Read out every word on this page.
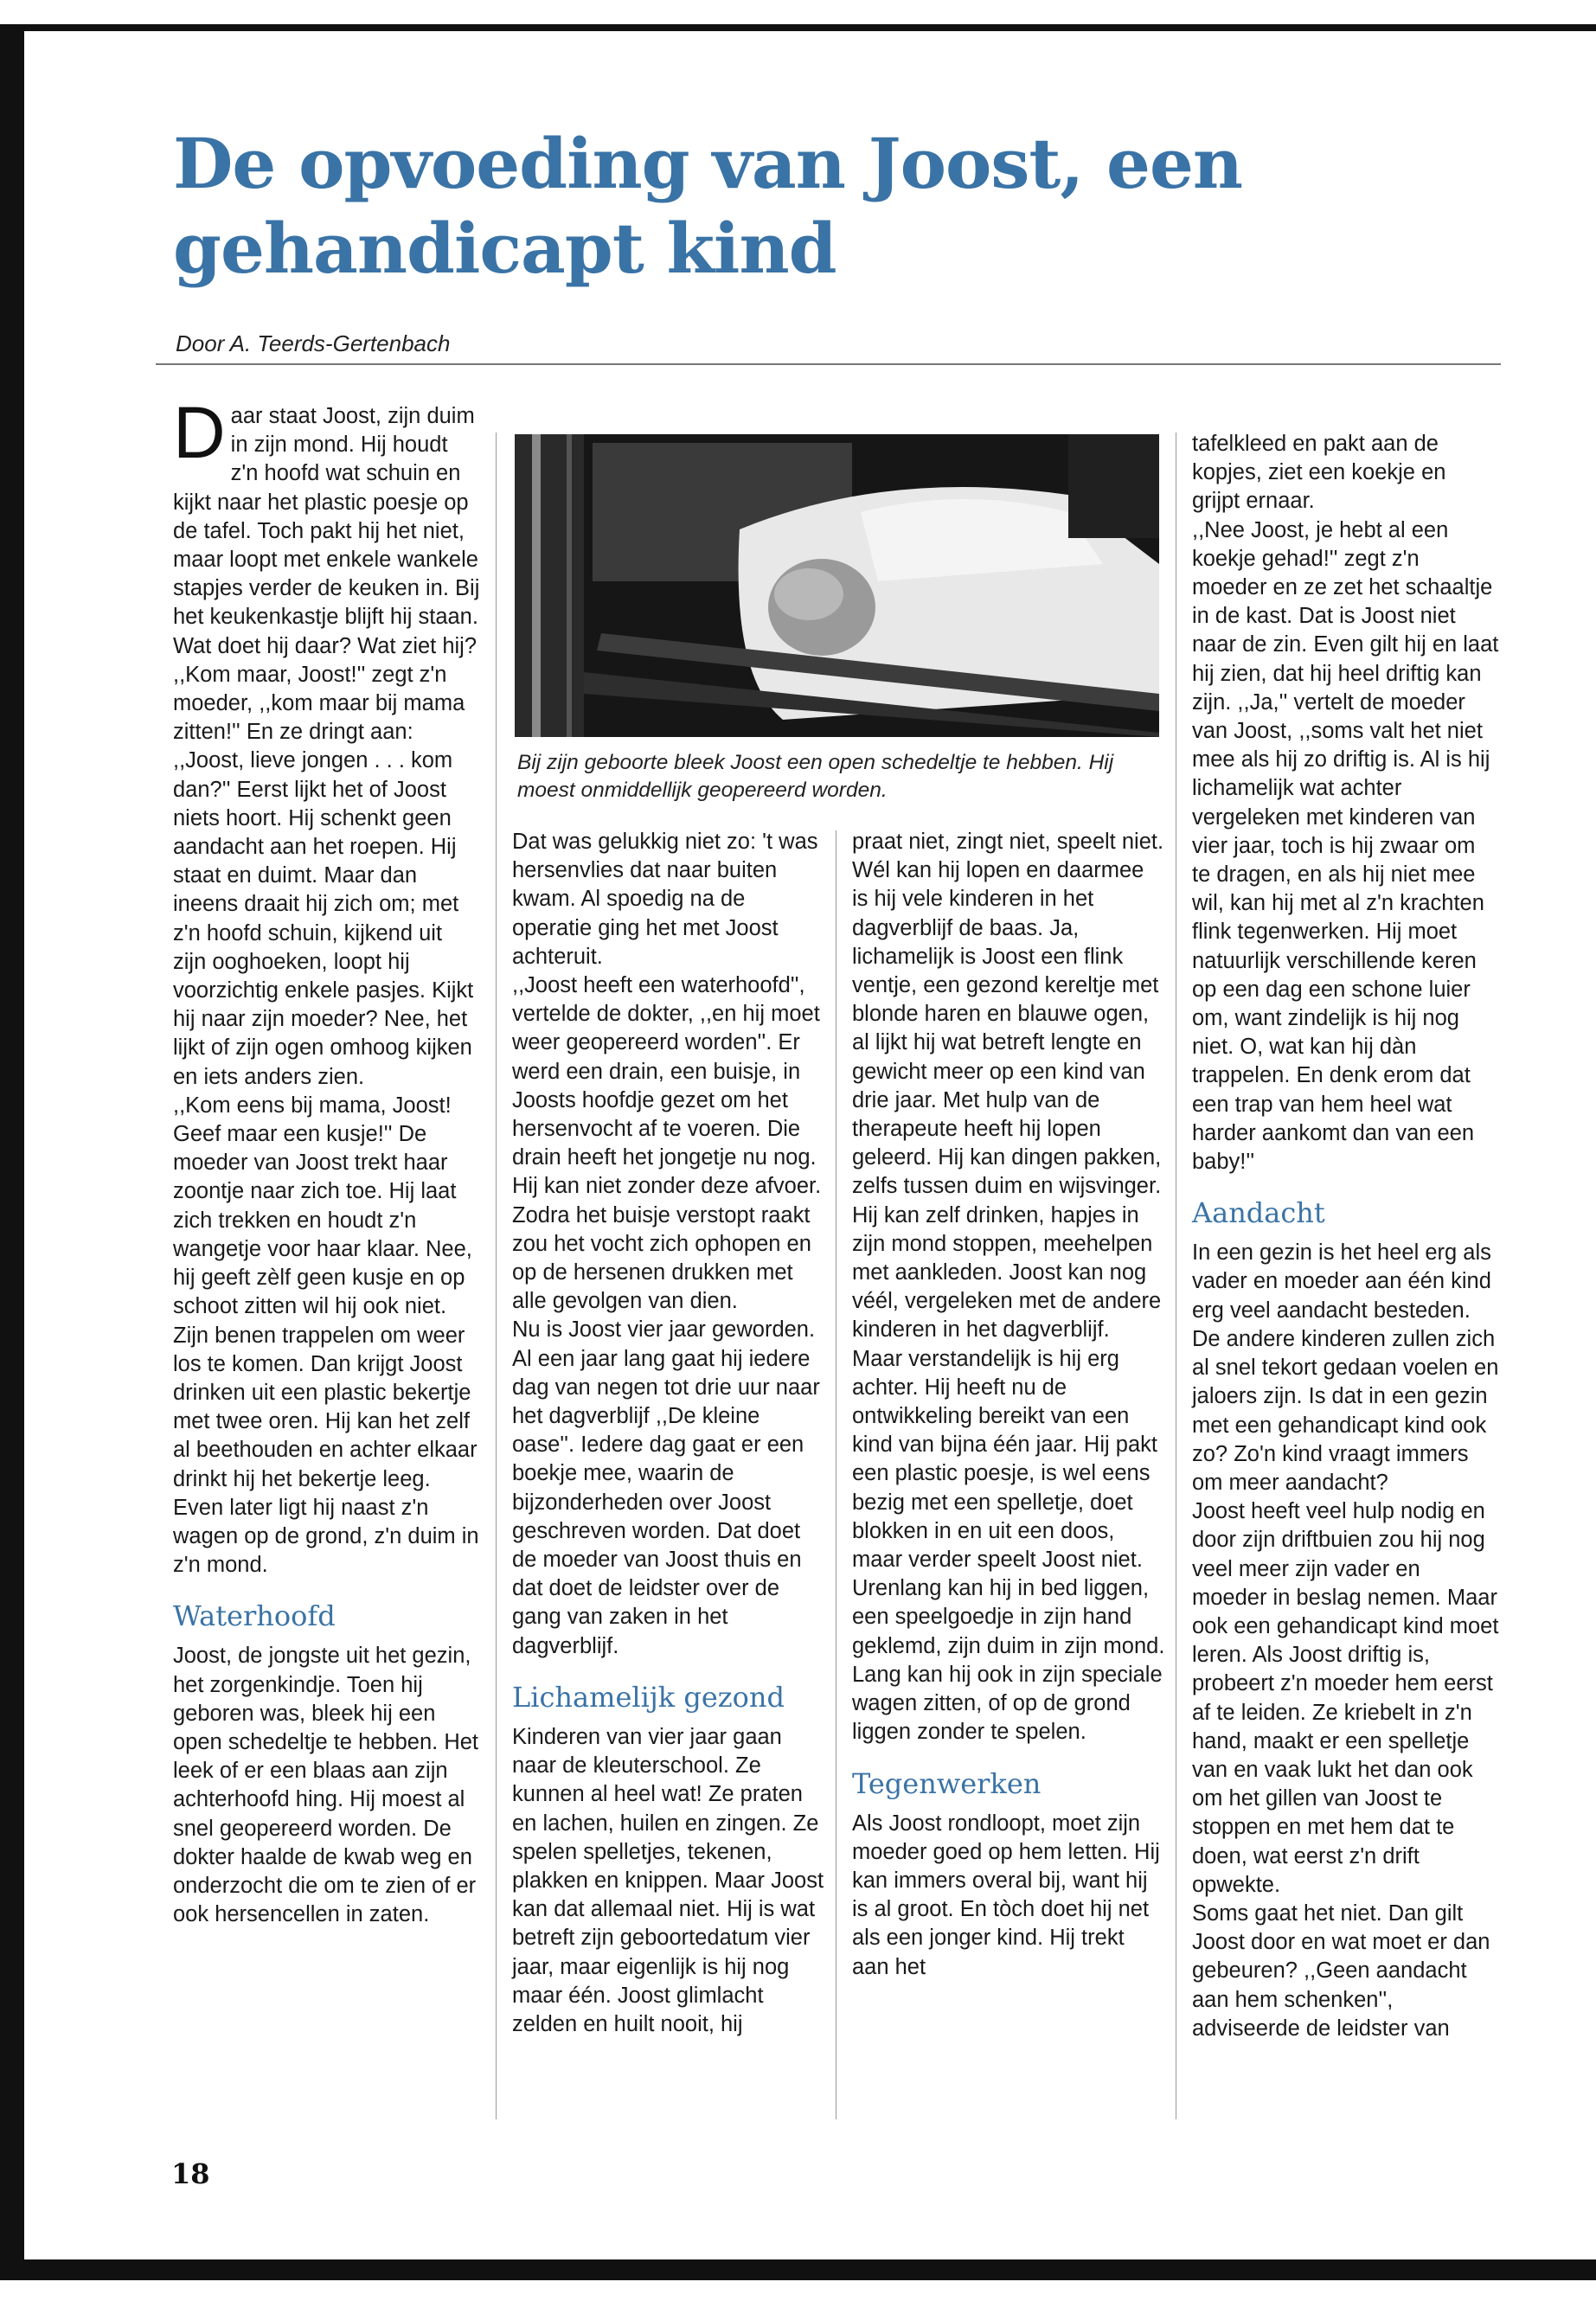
De opvoeding van Joost, een gehandicapt kind
Door A. Teerds-Gertenbach

Daar staat Joost, zijn duim in zijn mond. Hij houdt z'n hoofd wat schuin en kijkt naar het plastic poesje op de tafel. Toch pakt hij het niet, maar loopt met enkele wankele stapjes verder de keuken in. Bij het keukenkastje blijft hij staan. Wat doet hij daar? Wat ziet hij? ,,Kom maar, Joost!'' zegt z'n moeder, ,,kom maar bij mama zitten!'' En ze dringt aan: ,,Joost, lieve jongen . . . kom dan?'' Eerst lijkt het of Joost niets hoort. Hij schenkt geen aandacht aan het roepen. Hij staat en duimt. Maar dan ineens draait hij zich om; met z'n hoofd schuin, kijkend uit zijn ooghoeken, loopt hij voorzichtig enkele pasjes. Kijkt hij naar zijn moeder? Nee, het lijkt of zijn ogen omhoog kijken en iets anders zien.

,,Kom eens bij mama, Joost! Geef maar een kusje!'' De moeder van Joost trekt haar zoontje naar zich toe. Hij laat zich trekken en houdt z'n wangetje voor haar klaar. Nee, hij geeft zèlf geen kusje en op schoot zitten wil hij ook niet. Zijn benen trappelen om weer los te komen. Dan krijgt Joost drinken uit een plastic bekertje met twee oren. Hij kan het zelf al beethouden en achter elkaar drinkt hij het bekertje leeg. Even later ligt hij naast z'n wagen op de grond, z'n duim in z'n mond.

Waterhoofd

Joost, de jongste uit het gezin, het zorgenkindje. Toen hij geboren was, bleek hij een open schedeltje te hebben. Het leek of er een blaas aan zijn achterhoofd hing. Hij moest al snel geopereerd worden. De dokter haalde de kwab weg en onderzocht die om te zien of er ook hersencellen in zaten.

Bij zijn geboorte bleek Joost een open schedeltje te hebben. Hij moest onmiddellijk geopereerd worden.

Dat was gelukkig niet zo: 't was hersenvlies dat naar buiten kwam. Al spoedig na de operatie ging het met Joost achteruit.

,,Joost heeft een waterhoofd'', vertelde de dokter, ,,en hij moet weer geopereerd worden''. Er werd een drain, een buisje, in Joosts hoofdje gezet om het hersenvocht af te voeren. Die drain heeft het jongetje nu nog. Hij kan niet zonder deze afvoer. Zodra het buisje verstopt raakt zou het vocht zich ophopen en op de hersenen drukken met alle gevolgen van dien.

Nu is Joost vier jaar geworden. Al een jaar lang gaat hij iedere dag van negen tot drie uur naar het dagverblijf ,,De kleine oase''. Iedere dag gaat er een boekje mee, waarin de bijzonderheden over Joost geschreven worden. Dat doet de moeder van Joost thuis en dat doet de leidster over de gang van zaken in het dagverblijf.

Lichamelijk gezond

Kinderen van vier jaar gaan naar de kleuterschool. Ze kunnen al heel wat! Ze praten en lachen, huilen en zingen. Ze spelen spelletjes, tekenen, plakken en knippen. Maar Joost kan dat allemaal niet. Hij is wat betreft zijn geboortedatum vier jaar, maar eigenlijk is hij nog maar één. Joost glimlacht zelden en huilt nooit, hij

praat niet, zingt niet, speelt niet. Wél kan hij lopen en daarmee is hij vele kinderen in het dagverblijf de baas. Ja, lichamelijk is Joost een flink ventje, een gezond kereltje met blonde haren en blauwe ogen, al lijkt hij wat betreft lengte en gewicht meer op een kind van drie jaar. Met hulp van de therapeute heeft hij lopen geleerd. Hij kan dingen pakken, zelfs tussen duim en wijsvinger. Hij kan zelf drinken, hapjes in zijn mond stoppen, meehelpen met aankleden. Joost kan nog véél, vergeleken met de andere kinderen in het dagverblijf.

Maar verstandelijk is hij erg achter. Hij heeft nu de ontwikkeling bereikt van een kind van bijna één jaar. Hij pakt een plastic poesje, is wel eens bezig met een spelletje, doet blokken in en uit een doos, maar verder speelt Joost niet. Urenlang kan hij in bed liggen, een speelgoedje in zijn hand geklemd, zijn duim in zijn mond. Lang kan hij ook in zijn speciale wagen zitten, of op de grond liggen zonder te spelen.

Tegenwerken

Als Joost rondloopt, moet zijn moeder goed op hem letten. Hij kan immers overal bij, want hij is al groot. En tòch doet hij net als een jonger kind. Hij trekt aan het

tafelkleed en pakt aan de kopjes, ziet een koekje en grijpt ernaar.

,,Nee Joost, je hebt al een koekje gehad!'' zegt z'n moeder en ze zet het schaaltje in de kast. Dat is Joost niet naar de zin. Even gilt hij en laat hij zien, dat hij heel driftig kan zijn. ,,Ja,'' vertelt de moeder van Joost, ,,soms valt het niet mee als hij zo driftig is. Al is hij lichamelijk wat achter vergeleken met kinderen van vier jaar, toch is hij zwaar om te dragen, en als hij niet mee wil, kan hij met al z'n krachten flink tegenwerken. Hij moet natuurlijk verschillende keren op een dag een schone luier om, want zindelijk is hij nog niet. O, wat kan hij dàn trappelen. En denk erom dat een trap van hem heel wat harder aankomt dan van een baby!''

Aandacht

In een gezin is het heel erg als vader en moeder aan één kind erg veel aandacht besteden. De andere kinderen zullen zich al snel tekort gedaan voelen en jaloers zijn. Is dat in een gezin met een gehandicapt kind ook zo? Zo'n kind vraagt immers om meer aandacht?

Joost heeft veel hulp nodig en door zijn driftbuien zou hij nog veel meer zijn vader en moeder in beslag nemen. Maar ook een gehandicapt kind moet leren. Als Joost driftig is, probeert z'n moeder hem eerst af te leiden. Ze kriebelt in z'n hand, maakt er een spelletje van en vaak lukt het dan ook om het gillen van Joost te stoppen en met hem dat te doen, wat eerst z'n drift opwekte.

Soms gaat het niet. Dan gilt Joost door en wat moet er dan gebeuren? ,,Geen aandacht aan hem schenken'', adviseerde de leidster van

18
